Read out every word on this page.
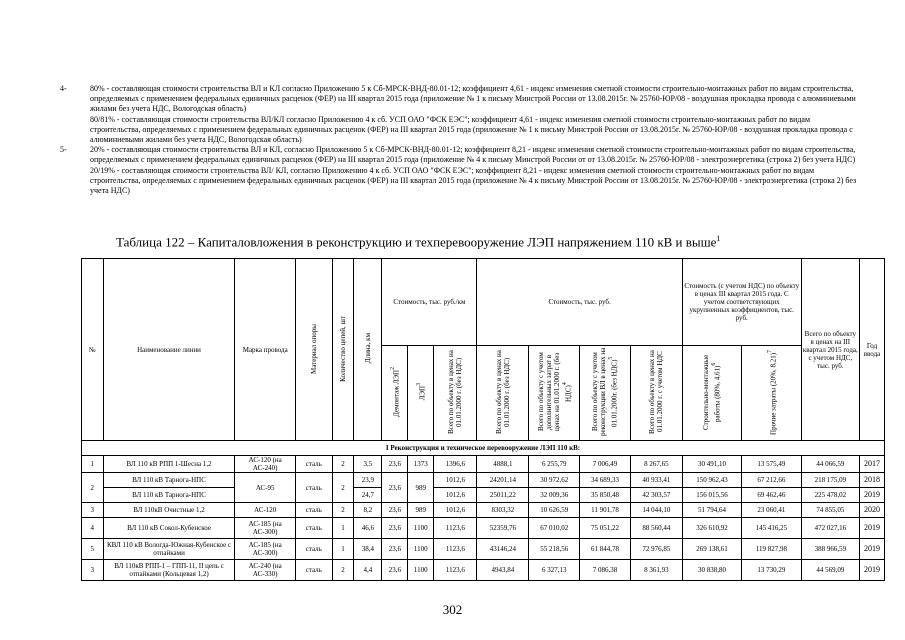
4-	80% - составляющая стоимости строительства ВЛ и КЛ согласно Приложению 5 к Сб-МРСК-ВНД-80.01-12; коэффициент 4,61 - индекс изменения сметной стоимости строительно-монтажных работ по видам строительства, определяемых с применением федеральных единичных расценок (ФЕР) на III квартал 2015 года (приложение № 1 к письму Минстрой России от 13.08.2015г. № 25760-ЮР/08 - воздушная прокладка провода с алюминиевыми жилами без учета НДС, Вологодская область)
80/81% - составляющая стоимости строительства ВЛ/КЛ согласно Приложению 4 к сб. УСП ОАО "ФСК ЕЭС"; коэффициент 4,61 - индекс изменения сметной стоимости строительно-монтажных работ по видам строительства, определяемых с применением федеральных единичных расценок (ФЕР) на III квартал 2015 года (приложение № 1 к письму Минстрой России от 13.08.2015г. № 25760-ЮР/08 - воздушная прокладка провода с алюминиевыми жилами без учета НДС, Вологодская область)
5-	20% - составляющая стоимости строительства ВЛ и КЛ, согласно Приложению 5 к Сб-МРСК-ВНД-80.01-12; коэффициент 8,21 - индекс изменения сметной стоимости строительно-монтажных работ по видам строительства, определяемых с применением федеральных единичных расценок (ФЕР) на III квартал 2015 года (приложение № 4 к письму Минстрой России от от 13.08.2015г. № 25760-ЮР/08 - электроэнергетика (строка 2) без учета НДС)
20/19% - составляющая стоимости строительства ВЛ/ КЛ, согласно Приложению 4 к сб. УСП ОАО "ФСК ЕЭС"; коэффициент 8,21 - индекс изменения сметной стоимости строительно-монтажных работ по видам строительства, определяемых с применением федеральных единичных расценок (ФЕР) на III квартал 2015 года (приложение № 4 к письму Минстрой России от 13.08.2015г. № 25760-ЮР/08 - электроэнергетика (строка 2) без учета НДС)
Таблица 122 – Капиталовложения в реконструкцию и техперевооружение ЛЭП напряжением 110 кВ и выше$^1$
№	Наименование линии	Марка провода	Материал опоры	Количество цепей, шт	Длина, км	Стоимость, тыс. руб./км			Стоимость, тыс. руб.				Стоимость (с учетом НДС) по объекту в ценах III квартал 2015 года. С учетом соответствующих укрупненных коэффициентов, тыс. руб.		Всего по объекту в ценах на III квартал 2015 года, с учетом НДС, тыс. руб.	Год ввода
						Демонтаж ЛЭП$^2$	ЛЭП$^3$	Всего по объекту в ценах на 01.01.2000 г. (без НДС)	Всего по объекту в ценах на 01.01.2000 г. (без НДС)	Всего по объекту с учетом дополнительных затрат в ценах на 01.01.2000 г. (без НДС)$^4$	Всего по объекту с учетом реконструкции ВЛ в ценах на 01.01.2000г. (без НДС)$^5$	Всего по объекту в ценах на 01.01.2000 г. с учетом НДС	Строительно-монтажные работы (80%, 4,61)$^6$	Прочие затраты (20%, 8,21)$^7$
I Реконструкция и техническое перевооружение ЛЭП 110 кВ:																
1	ВЛ 110 кВ РПП 1-Шесна 1,2	АС-120 (на АС-240)	сталь	2	3,5	23,6	1373	1396,6	4888,1	6 255,79	7 006,49	8 267,65	30 491,10	13 575,49	44 066,59	2017
2	ВЛ 110 кВ Тарнога-НПС	АС-95	сталь	2	23,9	23,6	989	1012,6	24201,14	30 972,62	34 689,33	40 933,41	150 962,43	67 212,66	218 175,09	2018
	ВЛ 110 кВ Тарнога-НПС				24,7			1012,6	25011,22	32 009,36	35 850,48	42 303,57	156 015,56	69 462,46	225 478,02	2019
3	ВЛ 110кВ Очистные 1,2	АС-120	сталь	2	8,2	23,6	989	1012,6	8303,32	10 626,59	11 901,78	14 044,10	51 794,64	23 060,41	74 855,05	2020
4	ВЛ 110 кВ Сокол-Кубенское	АС-185 (на АС-300)	сталь	1	46,6	23,6	1100	1123,6	52359,76	67 010,02	75 051,22	88 560,44	326 610,92	145 416,25	472 027,16	2019
5	КВЛ 110 кВ Вологда-Южная-Кубенское с отпайками	АС-185 (на АС-300)	сталь	1	38,4	23,6	1100	1123,6	43146,24	55 218,56	61 844,78	72 976,85	269 138,61	119 827,98	388 966,59	2019
3	ВЛ 110кВ РПП-1 – ГПП-11, II цепь с отпайками (Кольцевая 1,2)	АС-240 (на АС-330)	сталь	2	4,4	23,6	1100	1123,6	4943,84	6 327,13	7 086,38	8 361,93	30 838,80	13 730,29	44 569,09	2019
302
